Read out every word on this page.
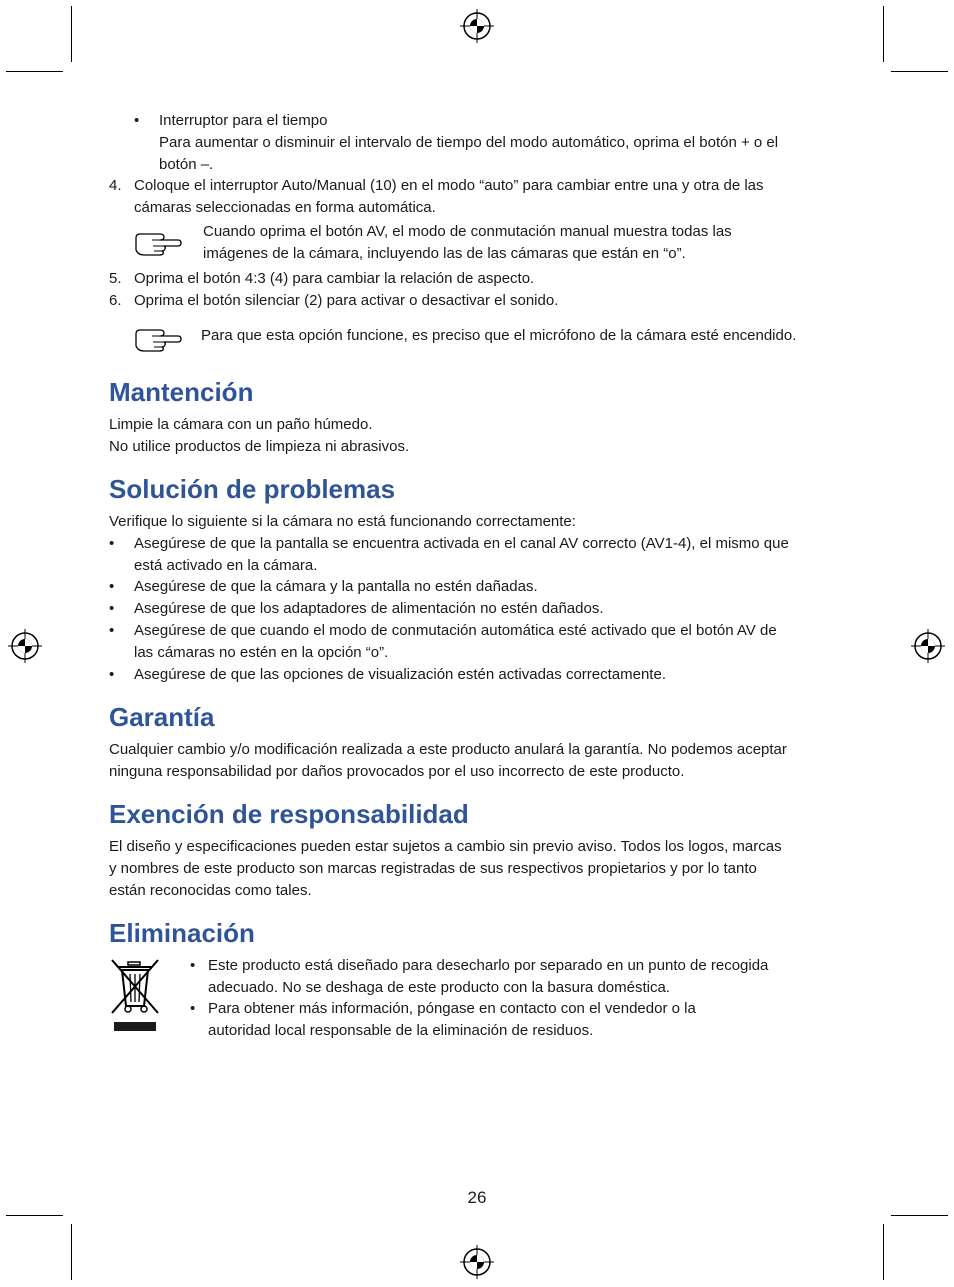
• Interruptor para el tiempo
Para aumentar o disminuir el intervalo de tiempo del modo automático, oprima el botón + o el
botón –.
4. Coloque el interruptor Auto/Manual (10) en el modo “auto” para cambiar entre una y otra de las
cámaras seleccionadas en forma automática.
Cuando oprima el botón AV, el modo de conmutación manual muestra todas las
imágenes de la cámara, incluyendo las de las cámaras que están en “o”.
5. Oprima el botón 4:3 (4) para cambiar la relación de aspecto.
6. Oprima el botón silenciar (2) para activar o desactivar el sonido.
Para que esta opción funcione, es preciso que el micrófono de la cámara esté encendido.
Mantención
Limpie la cámara con un paño húmedo.
No utilice productos de limpieza ni abrasivos.
Solución de problemas
Verifique lo siguiente si la cámara no está funcionando correctamente:
•	Asegúrese de que la pantalla se encuentra activada en el canal AV correcto (AV1-4), el mismo que
está activado en la cámara.
•	Asegúrese de que la cámara y la pantalla no estén dañadas.
•	Asegúrese de que los adaptadores de alimentación no estén dañados.
•	Asegúrese de que cuando el modo de conmutación automática esté activado que el botón AV de
las cámaras no estén en la opción “o”.
•	Asegúrese de que las opciones de visualización estén activadas correctamente.
Garantía
Cualquier cambio y/o modificación realizada a este producto anulará la garantía. No podemos aceptar
ninguna responsabilidad por daños provocados por el uso incorrecto de este producto.
Exención de responsabilidad
El diseño y especificaciones pueden estar sujetos a cambio sin previo aviso. Todos los logos, marcas
y nombres de este producto son marcas registradas de sus respectivos propietarios y por lo tanto
están reconocidas como tales.
Eliminación
• Este producto está diseñado para desecharlo por separado en un punto de recogida
adecuado. No se deshaga de este producto con la basura doméstica.
• Para obtener más información, póngase en contacto con el vendedor o la
autoridad local responsable de la eliminación de residuos.
26
